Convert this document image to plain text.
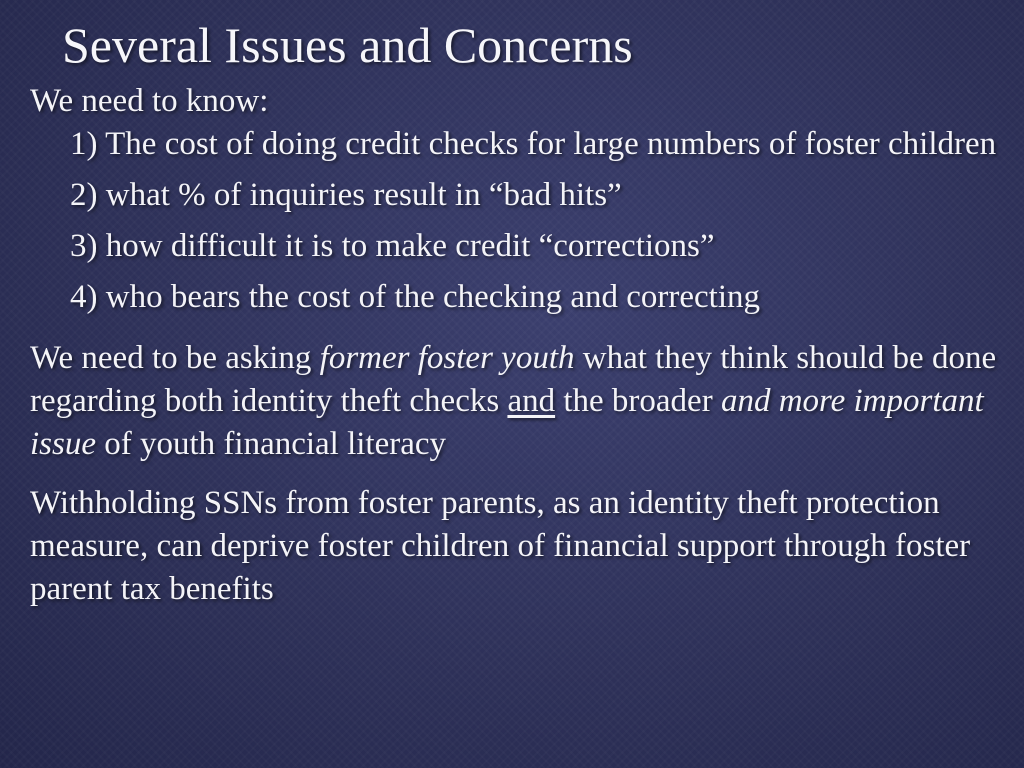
Several Issues and Concerns

We need to know:

1) The cost of doing credit checks for large numbers of foster children
2) what % of inquiries result in “bad hits”
3) how difficult it is to make credit “corrections”
4) who bears the cost of the checking and correcting

We need to be asking former foster youth what they think should be done regarding both identity theft checks and the broader and more important issue of youth financial literacy

Withholding SSNs from foster parents, as an identity theft protection measure, can deprive foster children of financial support through foster parent tax benefits
